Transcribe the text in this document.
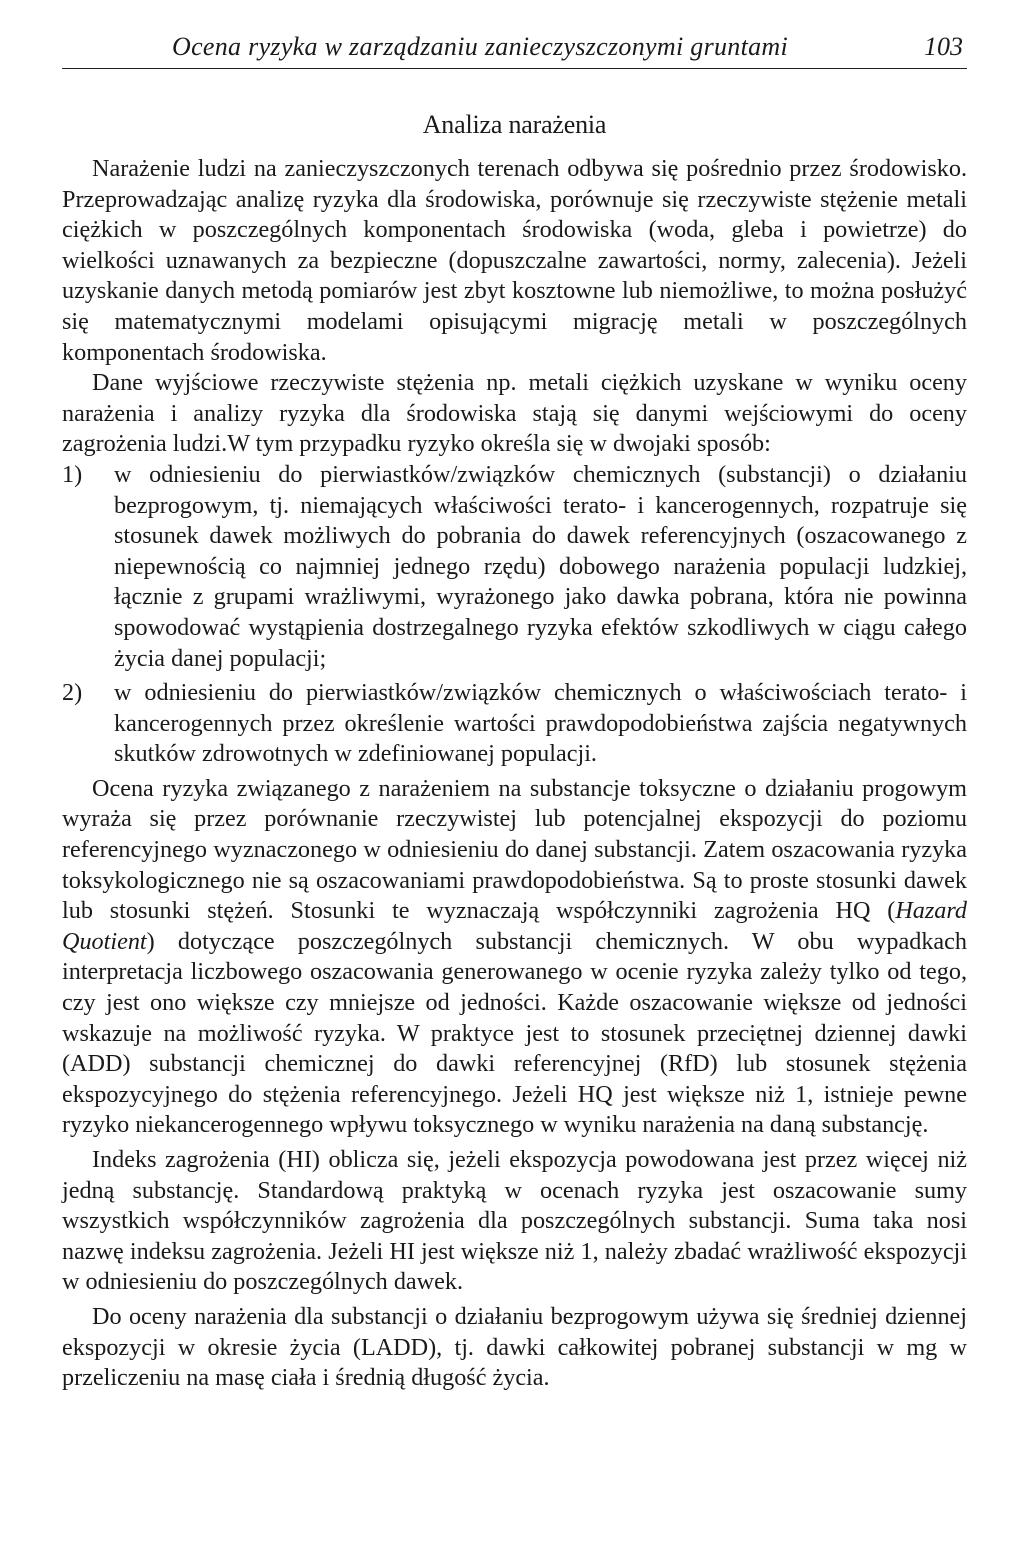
Ocena ryzyka w zarządzaniu zanieczyszczonymi gruntami	103
Analiza narażenia

Narażenie ludzi na zanieczyszczonych terenach odbywa się pośrednio przez środowisko. Przeprowadzając analizę ryzyka dla środowiska, porównuje się rzeczywiste stężenie metali ciężkich w poszczególnych komponentach środowiska (woda, gleba i powietrze) do wielkości uznawanych za bezpieczne (dopuszczalne zawartości, normy, zalecenia). Jeżeli uzyskanie danych metodą pomiarów jest zbyt kosztowne lub niemożliwe, to można posłużyć się matematycznymi modelami opisującymi migrację metali w poszczególnych komponentach środowiska.

Dane wyjściowe rzeczywiste stężenia np. metali ciężkich uzyskane w wyniku oceny narażenia i analizy ryzyka dla środowiska stają się danymi wejściowymi do oceny zagrożenia ludzi.W tym przypadku ryzyko określa się w dwojaki sposób:

1) w odniesieniu do pierwiastków/związków chemicznych (substancji) o działaniu bezprogowym, tj. niemających właściwości terato- i kancerogennych, rozpatruje się stosunek dawek możliwych do pobrania do dawek referencyjnych (oszacowanego z niepewnością co najmniej jednego rzędu) dobowego narażenia populacji ludzkiej, łącznie z grupami wrażliwymi, wyrażonego jako dawka pobrana, która nie powinna spowodować wystąpienia dostrzegalnego ryzyka efektów szkodliwych w ciągu całego życia danej populacji;

2) w odniesieniu do pierwiastków/związków chemicznych o właściwościach terato- i kancerogennych przez określenie wartości prawdopodobieństwa zajścia negatywnych skutków zdrowotnych w zdefiniowanej populacji.

Ocena ryzyka związanego z narażeniem na substancje toksyczne o działaniu progowym wyraża się przez porównanie rzeczywistej lub potencjalnej ekspozycji do poziomu referencyjnego wyznaczonego w odniesieniu do danej substancji. Zatem oszacowania ryzyka toksykologicznego nie są oszacowaniami prawdopodobieństwa. Są to proste stosunki dawek lub stosunki stężeń. Stosunki te wyznaczają współczynniki zagrożenia HQ (Hazard Quotient) dotyczące poszczególnych substancji chemicznych. W obu wypadkach interpretacja liczbowego oszacowania generowanego w ocenie ryzyka zależy tylko od tego, czy jest ono większe czy mniejsze od jedności. Każde oszacowanie większe od jedności wskazuje na możliwość ryzyka. W praktyce jest to stosunek przeciętnej dziennej dawki (ADD) substancji chemicznej do dawki referencyjnej (RfD) lub stosunek stężenia ekspozycyjnego do stężenia referencyjnego. Jeżeli HQ jest większe niż 1, istnieje pewne ryzyko niekancerogennego wpływu toksycznego w wyniku narażenia na daną substancję.

Indeks zagrożenia (HI) oblicza się, jeżeli ekspozycja powodowana jest przez więcej niż jedną substancję. Standardową praktyką w ocenach ryzyka jest oszacowanie sumy wszystkich współczynników zagrożenia dla poszczególnych substancji. Suma taka nosi nazwę indeksu zagrożenia. Jeżeli HI jest większe niż 1, należy zbadać wrażliwość ekspozycji w odniesieniu do poszczególnych dawek.

Do oceny narażenia dla substancji o działaniu bezprogowym używa się średniej dziennej ekspozycji w okresie życia (LADD), tj. dawki całkowitej pobranej substancji w mg w przeliczeniu na masę ciała i średnią długość życia.
